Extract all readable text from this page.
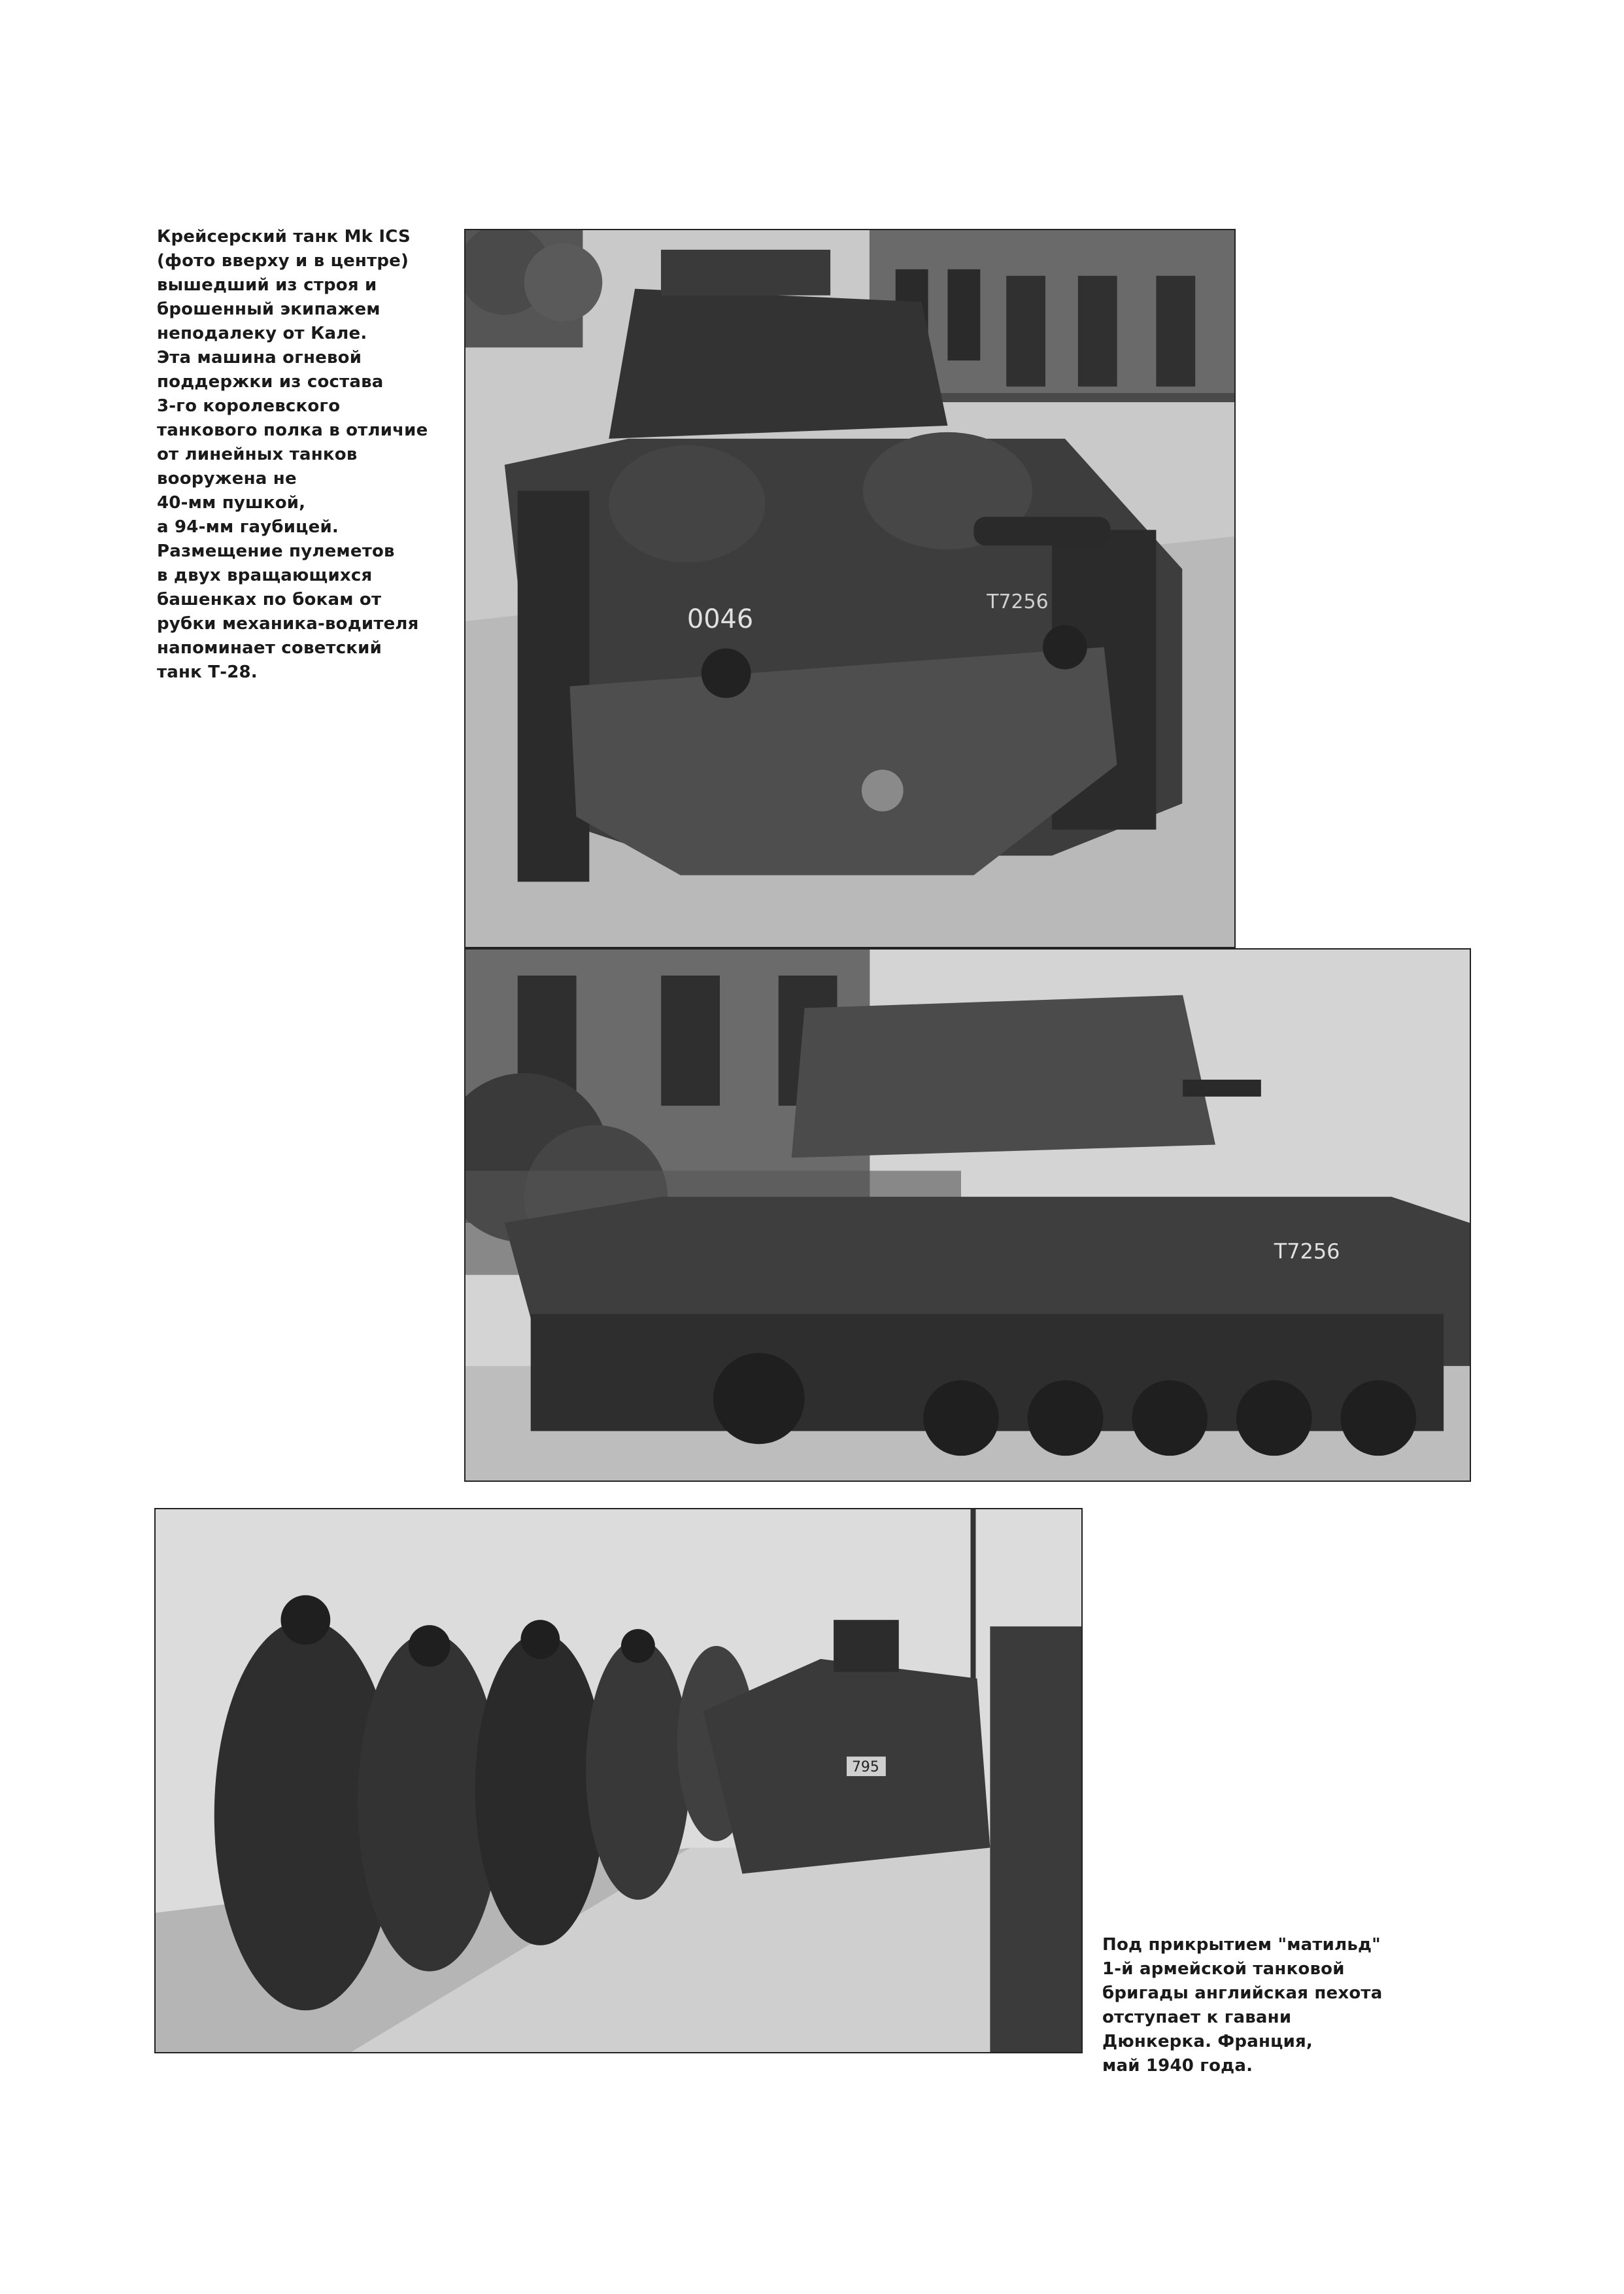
Крейсерский танк Mk ICS
(фото вверху и в центре)
вышедший из строя и
брошенный экипажем
неподалеку от Кале.
Эта машина огневой
поддержки из состава
3-го королевского
танкового полка в отличие
от линейных танков
вооружена не
40-мм пушкой,
а 94-мм гаубицей.
Размещение пулеметов
в двух вращающихся
башенках по бокам от
рубки механика-водителя
напоминает советский
танк Т-28.
0046
T7256
T7256
795
Под прикрытием "матильд"
1-й армейской танковой
бригады английская пехота
отступает к гавани
Дюнкерка. Франция,
май 1940 года.
